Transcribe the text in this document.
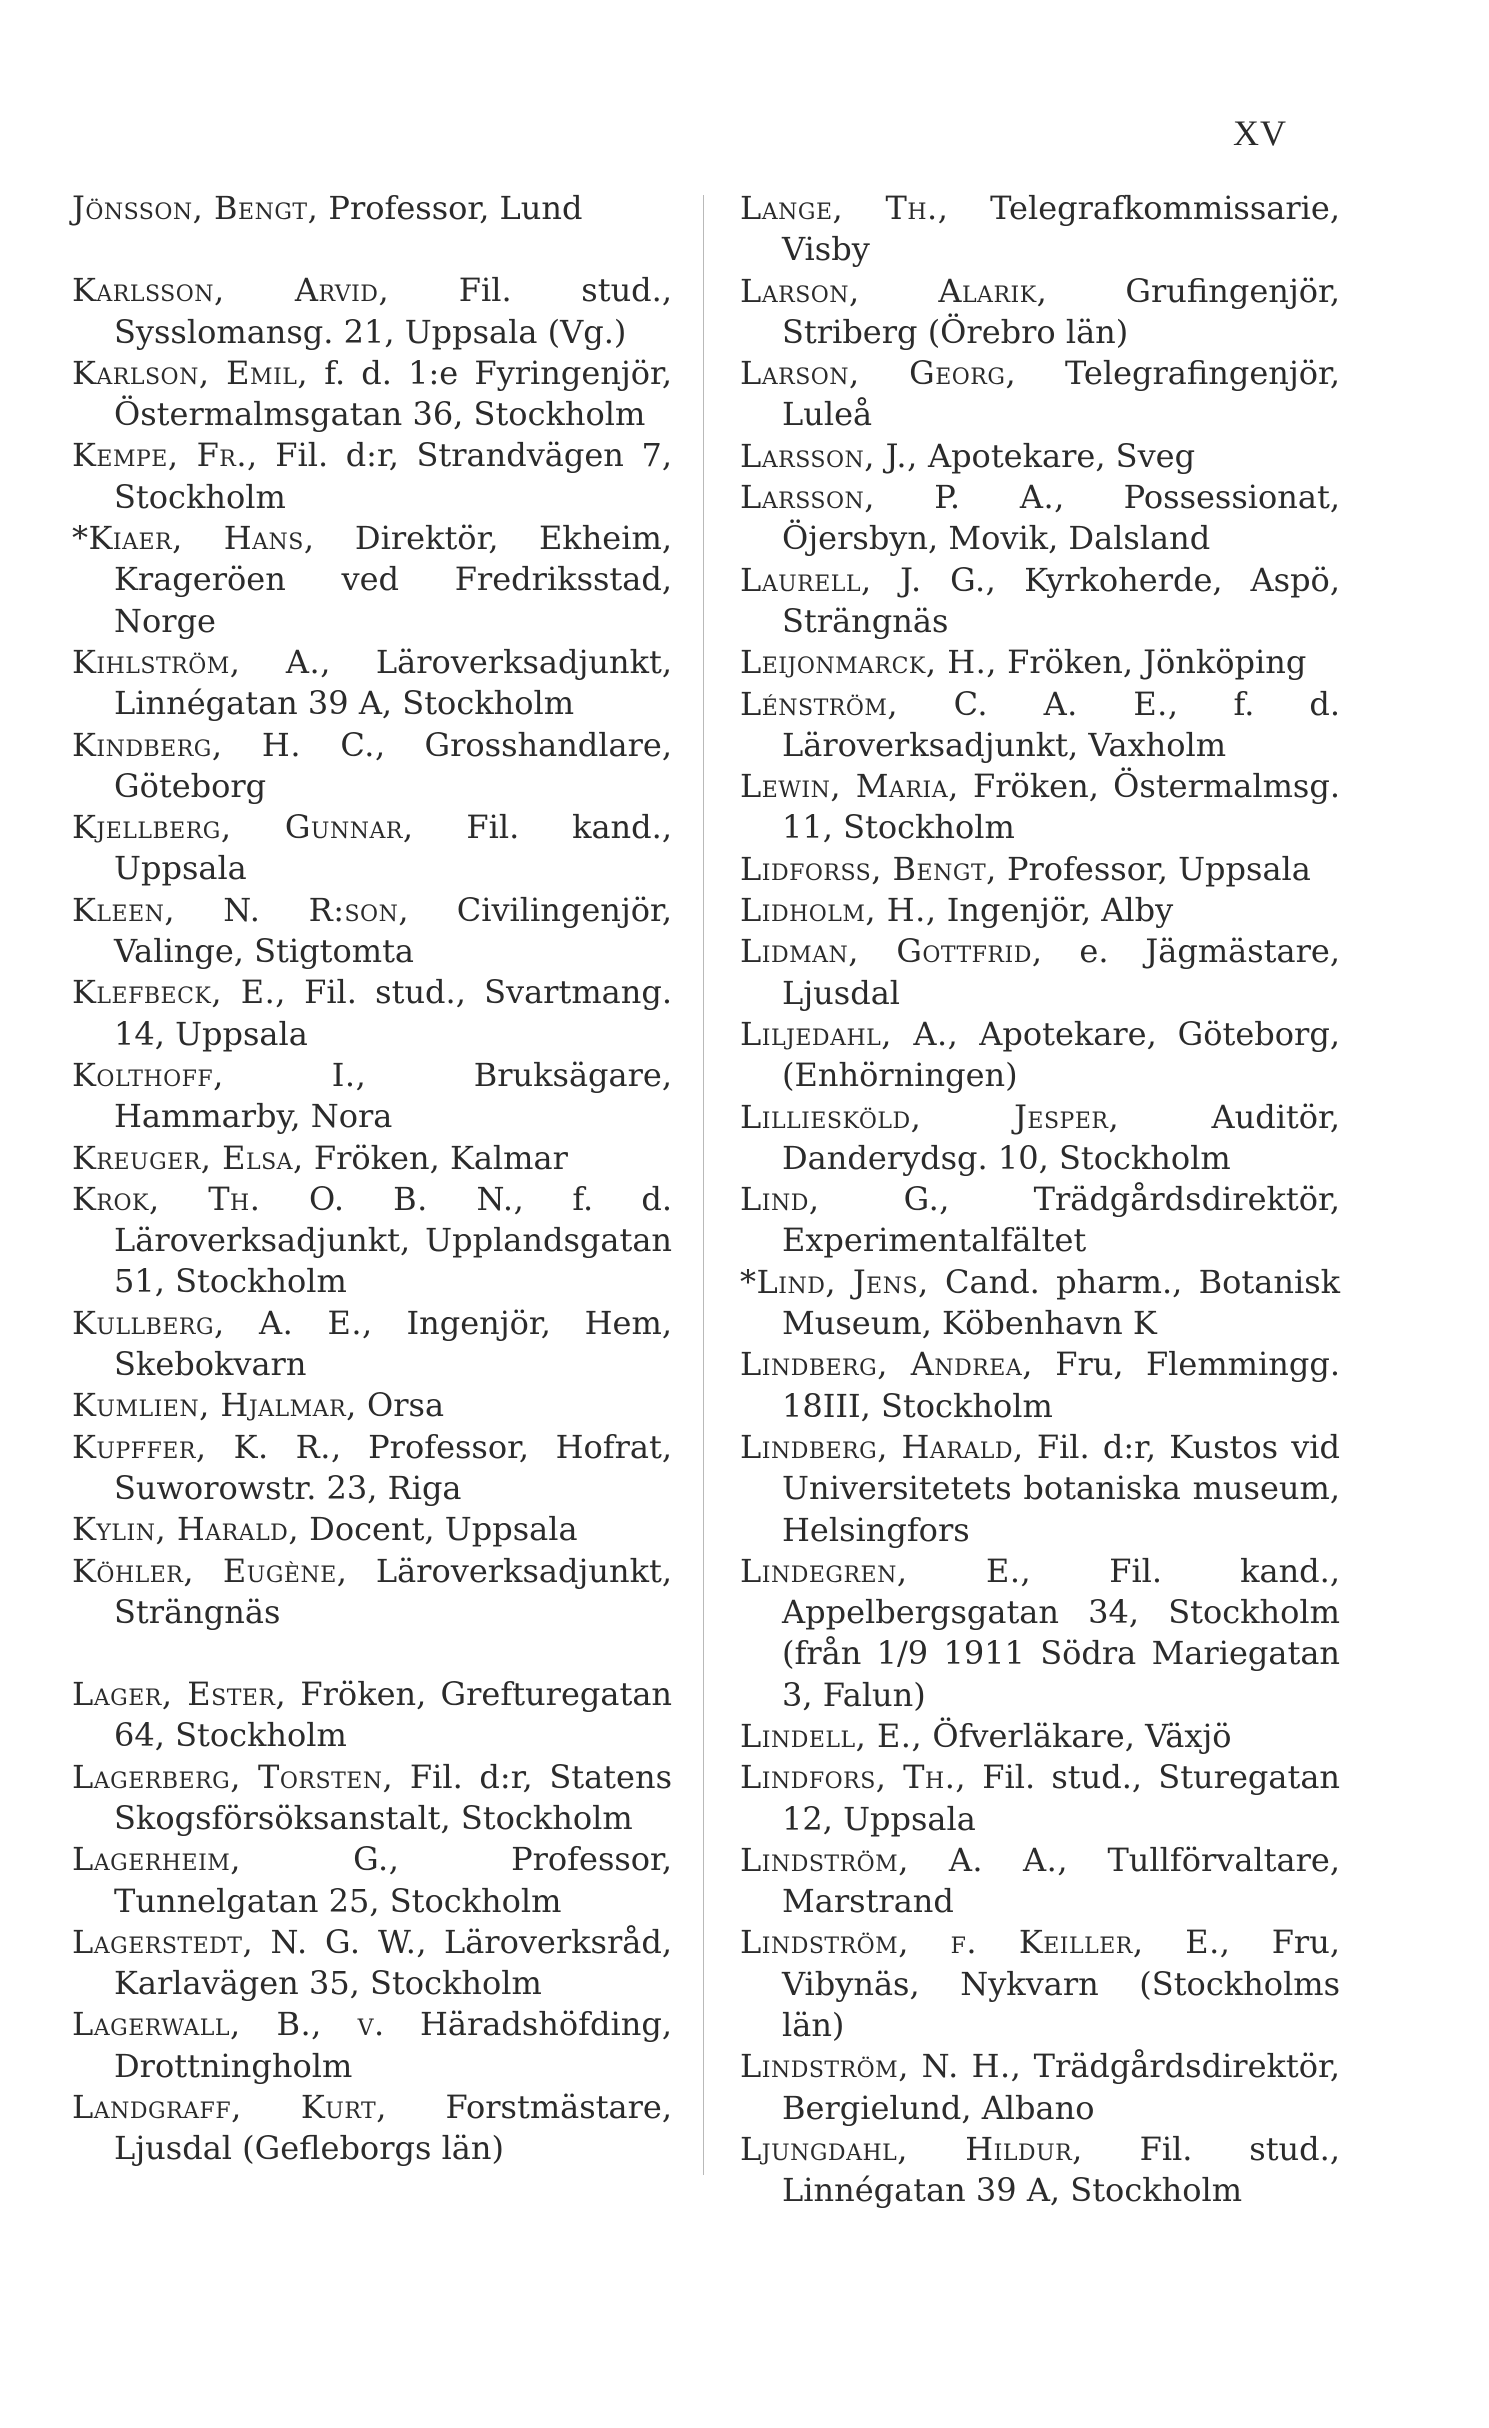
XV

Jönsson, Bengt, Professor, Lund

Karlsson, Arvid, Fil. stud., Sysslomansg. 21, Uppsala (Vg.)

Karlson, Emil, f. d. 1:e Fyringenjör, Östermalmsgatan 36, Stockholm

Kempe, Fr., Fil. d:r, Strandvägen 7, Stockholm

*Kiaer, Hans, Direktör, Ekheim, Krageröen ved Fredriksstad, Norge

Kihlström, A., Läroverksadjunkt, Linnégatan 39 A, Stockholm

Kindberg, H. C., Grosshandlare, Göteborg

Kjellberg, Gunnar, Fil. kand., Uppsala

Kleen, N. R:son, Civilingenjör, Valinge, Stigtomta

Klefbeck, E., Fil. stud., Svartmang. 14, Uppsala

Kolthoff, I., Bruksägare, Hammarby, Nora

Kreuger, Elsa, Fröken, Kalmar

Krok, Th. O. B. N., f. d. Läroverksadjunkt, Upplandsgatan 51, Stockholm

Kullberg, A. E., Ingenjör, Hem, Skebokvarn

Kumlien, Hjalmar, Orsa

Kupffer, K. R., Professor, Hofrat, Suworowstr. 23, Riga

Kylin, Harald, Docent, Uppsala

Köhler, Eugène, Läroverksadjunkt, Strängnäs

Lager, Ester, Fröken, Grefturegatan 64, Stockholm

Lagerberg, Torsten, Fil. d:r, Statens Skogsförsöksanstalt, Stockholm

Lagerheim, G., Professor, Tunnelgatan 25, Stockholm

Lagerstedt, N. G. W., Läroverksråd, Karlavägen 35, Stockholm

Lagerwall, B., v. Häradshöfding, Drottningholm

Landgraff, Kurt, Forstmästare, Ljusdal (Gefleborgs län)

Lange, Th., Telegrafkommissarie, Visby

Larson, Alarik, Grufingenjör, Striberg (Örebro län)

Larson, Georg, Telegrafingenjör, Luleå

Larsson, J., Apotekare, Sveg

Larsson, P. A., Possessionat, Öjersbyn, Movik, Dalsland

Laurell, J. G., Kyrkoherde, Aspö, Strängnäs

Leijonmarck, H., Fröken, Jönköping

Lénström, C. A. E., f. d. Läroverksadjunkt, Vaxholm

Lewin, Maria, Fröken, Östermalmsg. 11, Stockholm

Lidforss, Bengt, Professor, Uppsala

Lidholm, H., Ingenjör, Alby

Lidman, Gottfrid, e. Jägmästare, Ljusdal

Liljedahl, A., Apotekare, Göteborg, (Enhörningen)

Lilliesköld, Jesper, Auditör, Danderydsg. 10, Stockholm

Lind, G., Trädgårdsdirektör, Experimentalfältet

*Lind, Jens, Cand. pharm., Botanisk Museum, Köbenhavn K

Lindberg, Andrea, Fru, Flemmingg. 18III, Stockholm

Lindberg, Harald, Fil. d:r, Kustos vid Universitetets botaniska museum, Helsingfors

Lindegren, E., Fil. kand., Appelbergsgatan 34, Stockholm (från 1/9 1911 Södra Mariegatan 3, Falun)

Lindell, E., Öfverläkare, Växjö

Lindfors, Th., Fil. stud., Sturegatan 12, Uppsala

Lindström, A. A., Tullförvaltare, Marstrand

Lindström, f. Keiller, E., Fru, Vibynäs, Nykvarn (Stockholms län)

Lindström, N. H., Trädgårdsdirektör, Bergielund, Albano

Ljungdahl, Hildur, Fil. stud., Linnégatan 39 A, Stockholm
